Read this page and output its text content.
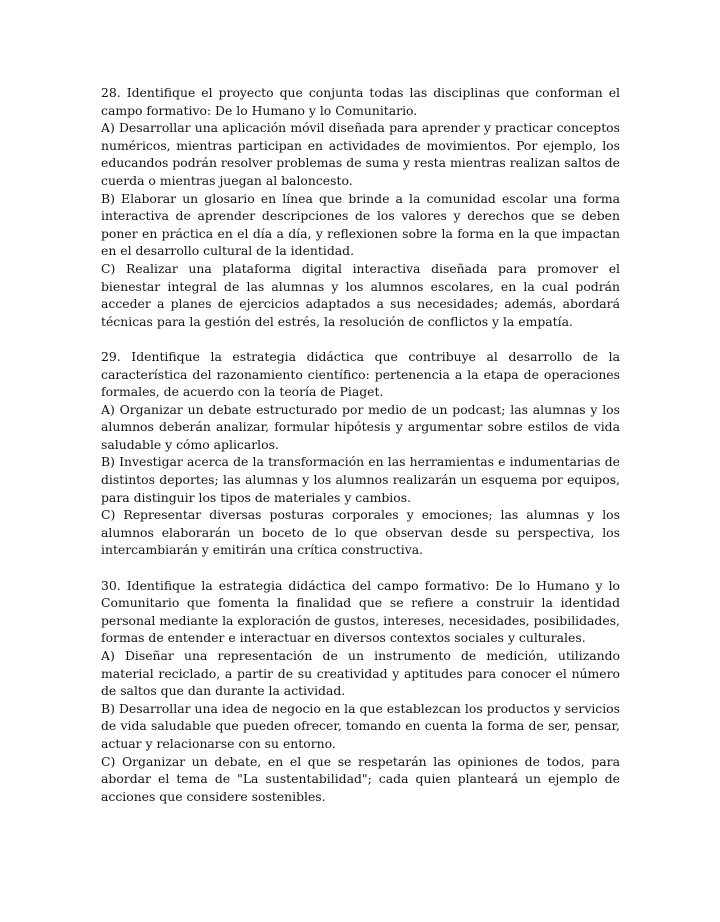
28. Identifique el proyecto que conjunta todas las disciplinas que conforman el campo formativo: De lo Humano y lo Comunitario.

A) Desarrollar una aplicación móvil diseñada para aprender y practicar conceptos numéricos, mientras participan en actividades de movimientos. Por ejemplo, los educandos podrán resolver problemas de suma y resta mientras realizan saltos de cuerda o mientras juegan al baloncesto.

B) Elaborar un glosario en línea que brinde a la comunidad escolar una forma interactiva de aprender descripciones de los valores y derechos que se deben poner en práctica en el día a día, y reflexionen sobre la forma en la que impactan en el desarrollo cultural de la identidad.

C) Realizar una plataforma digital interactiva diseñada para promover el bienestar integral de las alumnas y los alumnos escolares, en la cual podrán acceder a planes de ejercicios adaptados a sus necesidades; además, abordará técnicas para la gestión del estrés, la resolución de conflictos y la empatía.

29. Identifique la estrategia didáctica que contribuye al desarrollo de la característica del razonamiento científico: pertenencia a la etapa de operaciones formales, de acuerdo con la teoría de Piaget.

A) Organizar un debate estructurado por medio de un podcast; las alumnas y los alumnos deberán analizar, formular hipótesis y argumentar sobre estilos de vida saludable y cómo aplicarlos.

B) Investigar acerca de la transformación en las herramientas e indumentarias de distintos deportes; las alumnas y los alumnos realizarán un esquema por equipos, para distinguir los tipos de materiales y cambios.

C) Representar diversas posturas corporales y emociones; las alumnas y los alumnos elaborarán un boceto de lo que observan desde su perspectiva, los intercambiarán y emitirán una crítica constructiva.

30. Identifique la estrategia didáctica del campo formativo: De lo Humano y lo Comunitario que fomenta la finalidad que se refiere a construir la identidad personal mediante la exploración de gustos, intereses, necesidades, posibilidades, formas de entender e interactuar en diversos contextos sociales y culturales.

A) Diseñar una representación de un instrumento de medición, utilizando material reciclado, a partir de su creatividad y aptitudes para conocer el número de saltos que dan durante la actividad.

B) Desarrollar una idea de negocio en la que establezcan los productos y servicios de vida saludable que pueden ofrecer, tomando en cuenta la forma de ser, pensar, actuar y relacionarse con su entorno.

C) Organizar un debate, en el que se respetarán las opiniones de todos, para abordar el tema de "La sustentabilidad"; cada quien planteará un ejemplo de acciones que considere sostenibles.
